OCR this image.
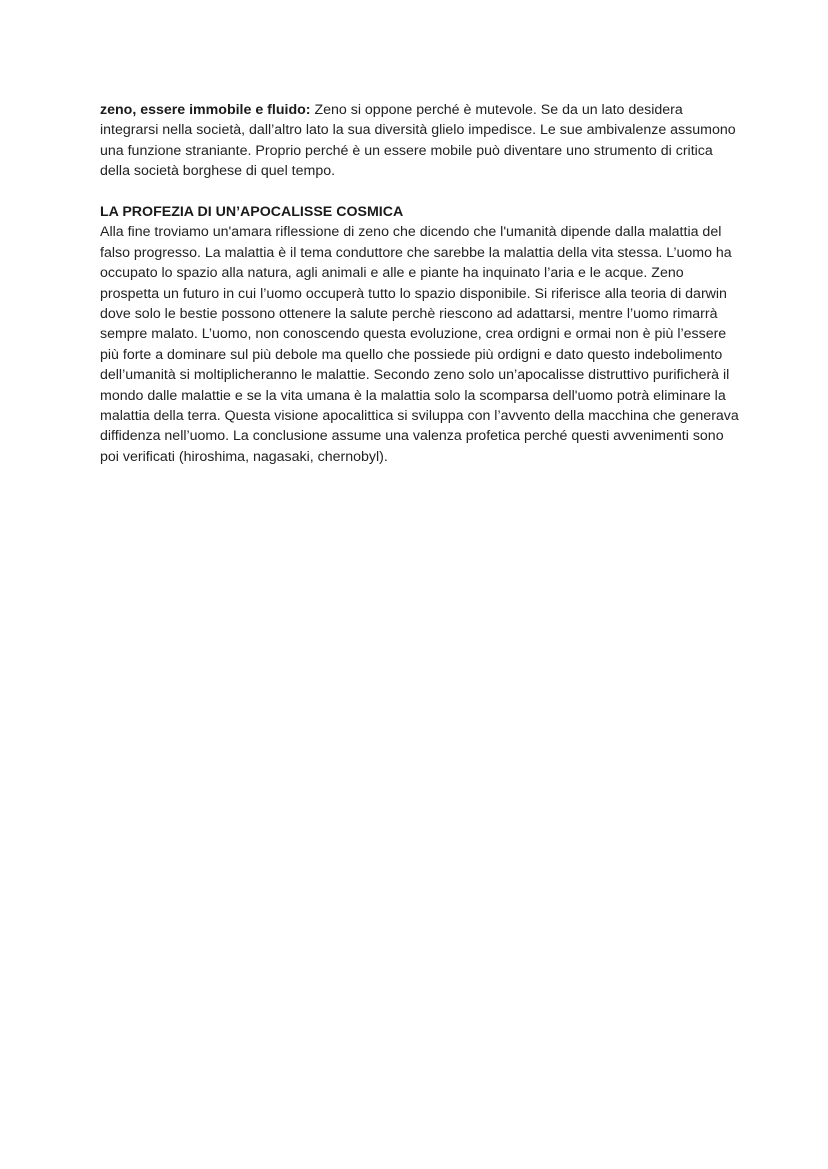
zeno, essere immobile e fluido: Zeno si oppone perché è mutevole. Se da un lato desidera integrarsi nella società, dall’altro lato la sua diversità glielo impedisce. Le sue ambivalenze assumono una funzione straniante. Proprio perché è un essere mobile può diventare uno strumento di critica della società borghese di quel tempo.

LA PROFEZIA DI UN’APOCALISSE COSMICA

Alla fine troviamo un'amara riflessione di zeno che dicendo che l'umanità dipende dalla malattia del falso progresso. La malattia è il tema conduttore che sarebbe la malattia della vita stessa. L’uomo ha occupato lo spazio alla natura, agli animali e alle e piante ha inquinato l’aria e le acque. Zeno prospetta un futuro in cui l’uomo occuperà tutto lo spazio disponibile. Si riferisce alla teoria di darwin dove solo le bestie possono ottenere la salute perchè riescono ad adattarsi, mentre l’uomo rimarrà sempre malato. L’uomo, non conoscendo questa evoluzione, crea ordigni e ormai non è più l’essere più forte a dominare sul più debole ma quello che possiede più ordigni e dato questo indebolimento dell’umanità si moltiplicheranno le malattie. Secondo zeno solo un’apocalisse distruttivo purificherà il mondo dalle malattie e se la vita umana è la malattia solo la scomparsa dell'uomo potrà eliminare la malattia della terra. Questa visione apocalittica si sviluppa con l’avvento della macchina che generava diffidenza nell’uomo. La conclusione assume una valenza profetica perché questi avvenimenti sono poi verificati (hiroshima, nagasaki, chernobyl).
